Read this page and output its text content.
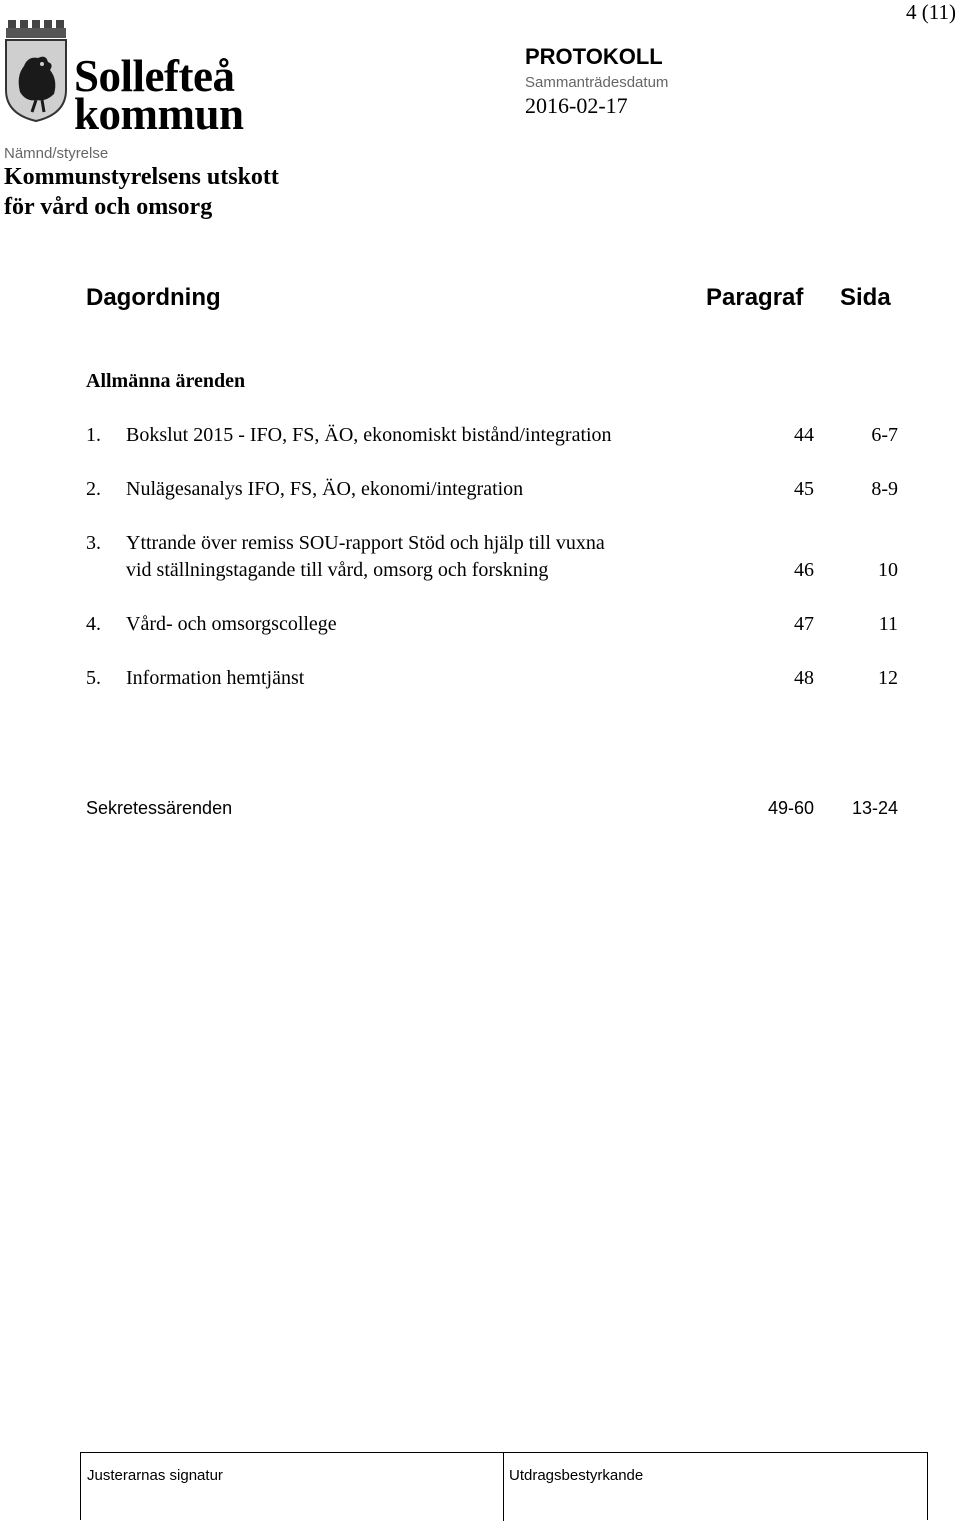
4 (11)
Sollefteå
kommun
PROTOKOLL
Sammanträdesdatum
2016-02-17
Nämnd/styrelse
Kommunstyrelsens utskott
för vård och omsorg
Dagordning	Paragraf Sida
Allmänna ärenden
1. Bokslut 2015 - IFO, FS, ÄO, ekonomiskt bistånd/integration	44	6-7
2. Nulägesanalys IFO, FS, ÄO, ekonomi/integration	45	8-9
3. Yttrande över remiss SOU-rapport Stöd och hjälp till vuxna
vid ställningstagande till vård, omsorg och forskning	46	10
4. Vård- och omsorgscollege	47	11
5. Information hemtjänst	48	12
Sekretessärenden	49-60 13-24
Justerarnas signatur	Utdragsbestyrkande
